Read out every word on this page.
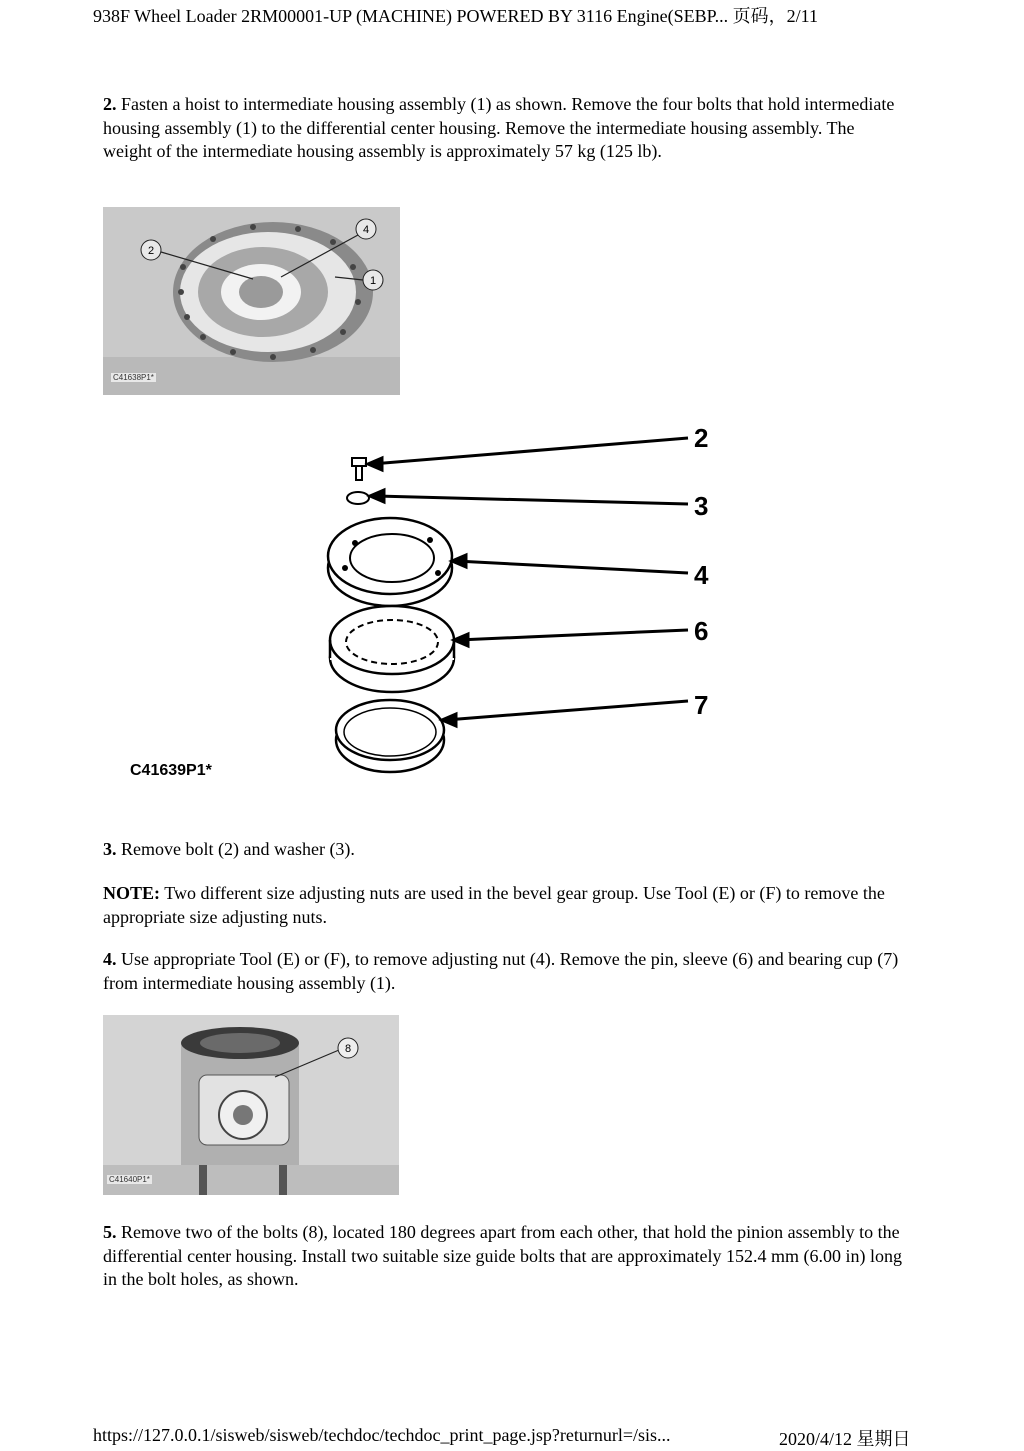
938F Wheel Loader 2RM00001-UP (MACHINE) POWERED BY 3116 Engine(SEBP... 页码，2/11
2. Fasten a hoist to intermediate housing assembly (1) as shown. Remove the four bolts that hold intermediate housing assembly (1) to the differential center housing. Remove the intermediate housing assembly. The weight of the intermediate housing assembly is approximately 57 kg (125 lb).
2
4
1
C41638P1*
2
3
4
6
7
C41639P1*
3. Remove bolt (2) and washer (3).
NOTE: Two different size adjusting nuts are used in the bevel gear group. Use Tool (E) or (F) to remove the appropriate size adjusting nuts.
4. Use appropriate Tool (E) or (F), to remove adjusting nut (4). Remove the pin, sleeve (6) and bearing cup (7) from intermediate housing assembly (1).
8
C41640P1*
5. Remove two of the bolts (8), located 180 degrees apart from each other, that hold the pinion assembly to the differential center housing. Install two suitable size guide bolts that are approximately 152.4 mm (6.00 in) long in the bolt holes, as shown.
https://127.0.0.1/sisweb/sisweb/techdoc/techdoc_print_page.jsp?returnurl=/sis...	2020/4/12 星期日
